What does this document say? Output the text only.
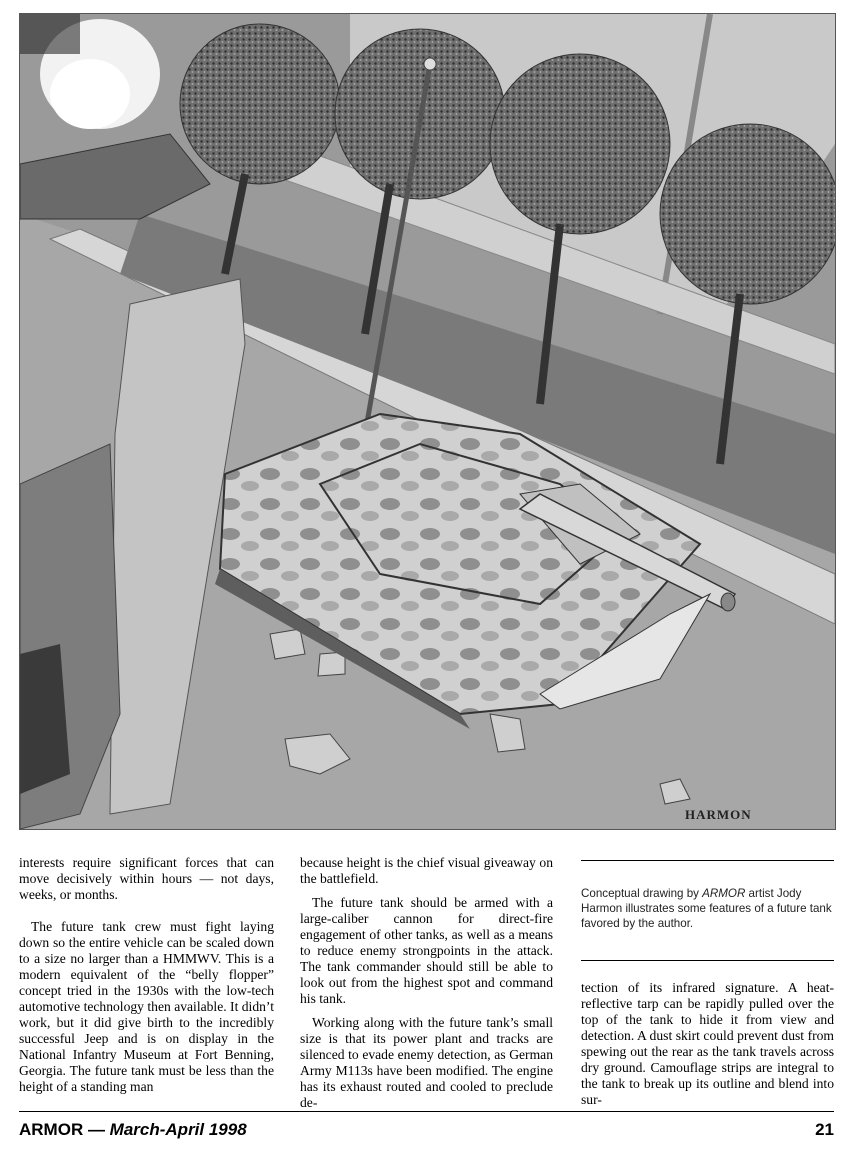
HARMON

interests require significant forces that can move decisively within hours — not days, weeks, or months.

The future tank crew must fight laying down so the entire vehicle can be scaled down to a size no larger than a HMMWV. This is a modern equivalent of the “belly flopper” concept tried in the 1930s with the low-tech automotive technology then available. It didn’t work, but it did give birth to the incredibly successful Jeep and is on display in the National Infantry Museum at Fort Benning, Georgia. The future tank must be less than the height of a standing man

because height is the chief visual giveaway on the battlefield.

The future tank should be armed with a large-caliber cannon for direct-fire engagement of other tanks, as well as a means to reduce enemy strongpoints in the attack. The tank commander should still be able to look out from the highest spot and command his tank.

Working along with the future tank’s small size is that its power plant and tracks are silenced to evade enemy detection, as German Army M113s have been modified. The engine has its exhaust routed and cooled to preclude de-

Conceptual drawing by ARMOR artist Jody Harmon illustrates some features of a future tank favored by the author.

tection of its infrared signature. A heat-reflective tarp can be rapidly pulled over the top of the tank to hide it from view and detection. A dust skirt could prevent dust from spewing out the rear as the tank travels across dry ground. Camouflage strips are integral to the tank to break up its outline and blend into sur-

ARMOR — March-April 1998	21
